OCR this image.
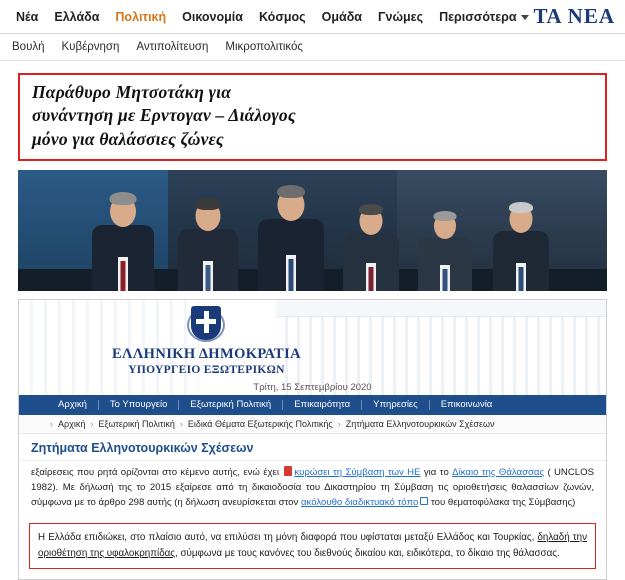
Νέα	Ελλάδα	Πολιτική	Οικονομία	Κόσμος	Ομάδα	Γνώμες	Περισσότερα ΤΑ ΝΕΑ
Βουλή	Κυβέρνηση	Αντιπολίτευση	Μικροπολιτικός
Παράθυρο Μητσοτάκη για
συνάντηση με Ερντογαν – Διάλογος
μόνο για θαλάσσιες ζώνες
ΕΛΛΗΝΙΚΗ ΔΗΜΟΚΡΑΤΙΑ
ΥΠΟΥΡΓΕΙΟ ΕΞΩΤΕΡΙΚΩΝ
Τρίτη, 15 Σεπτεμβρίου 2020
Αρχική	Το Υπουργείο	Εξωτερική Πολιτική	Επικαιρότητα	Υπηρεσίες	Επικοινωνία
› Αρχική › Εξωτερική Πολιτική › Ειδικά Θέματα Εξωτερικής Πολιτικής › Ζητήματα Ελληνοτουρκικών Σχέσεων
Ζητήματα Ελληνοτουρκικών Σχέσεων
εξαίρεσεις που ρητά ορίζονται στο κέμενο αυτής, ενώ έχει κυρώσει τη Σύμβαση των ΗΕ για τo Δίκαιο της Θάλασσας ( UNCLOS 1982). Με δήλωσή της το 2015 εξαίρεσε από τη δικαιοδοσία του Δικαστηρίου τη Σύμβαση τις οριοθετήσεις θαλασσίων ζωνών, σύμφωνα με το άρθρο 298 αυτής (η δήλωση ανευρίσκεται στον ακόλουθο διαδικτυακό τόπο του θεματοφύλακα της Σύμβασης)
Η Ελλάδα επιδιώκει, στο πλαίσιο αυτό, να επιλύσει τη μόνη διαφορά που υφίσταται μεταξύ Ελλάδος και Τουρκίας, δηλαδή την οριοθέτηση της υφαλοκρηπίδας, σύμφωνα με τους κανόνες του διεθνούς δικαίου και, ειδικότερα, το δίκαιο της θάλασσας.
